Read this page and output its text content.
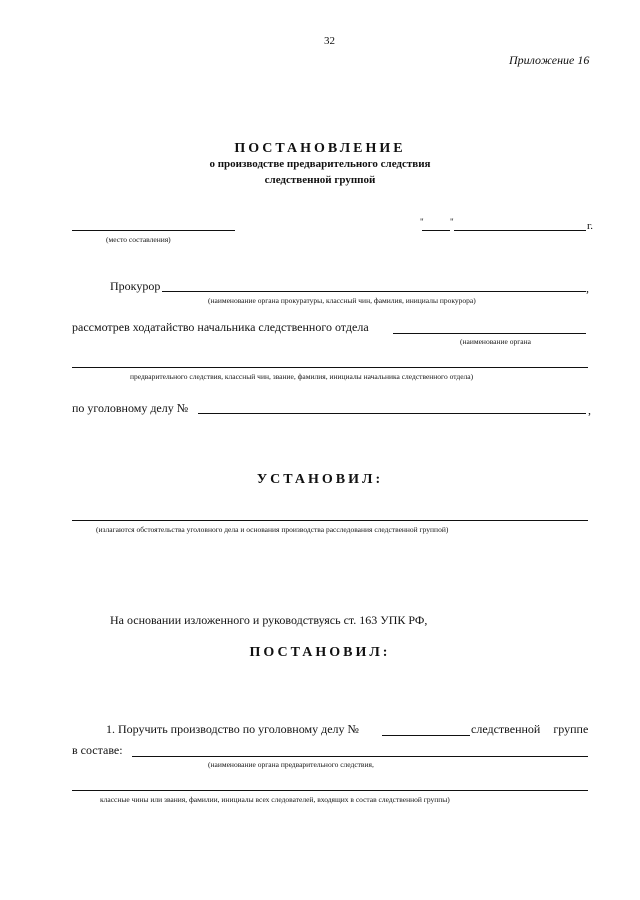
32
Приложение 16
ПОСТАНОВЛЕНИЕ
о производстве предварительного следствия
следственной группой
(место составления)
"	"	г.
Прокурор	,
(наименование органа прокуратуры, классный чин, фамилия, инициалы прокурора)
рассмотрев ходатайство начальника следственного отдела
(наименование органа
предварительного следствия, классный чин, звание, фамилия, инициалы начальника следственного отдела)
по уголовному делу №	,
УСТАНОВИЛ:
(излагаются обстоятельства уголовного дела и основания производства расследования следственной группой)
На основании изложенного и руководствуясь ст. 163 УПК РФ,
ПОСТАНОВИЛ:
1. Поручить производство по уголовному делу №	следственной группе
в составе:
(наименование органа предварительного следствия,
классные чины или звания, фамилии, инициалы всех следователей, входящих в состав следственной группы)
